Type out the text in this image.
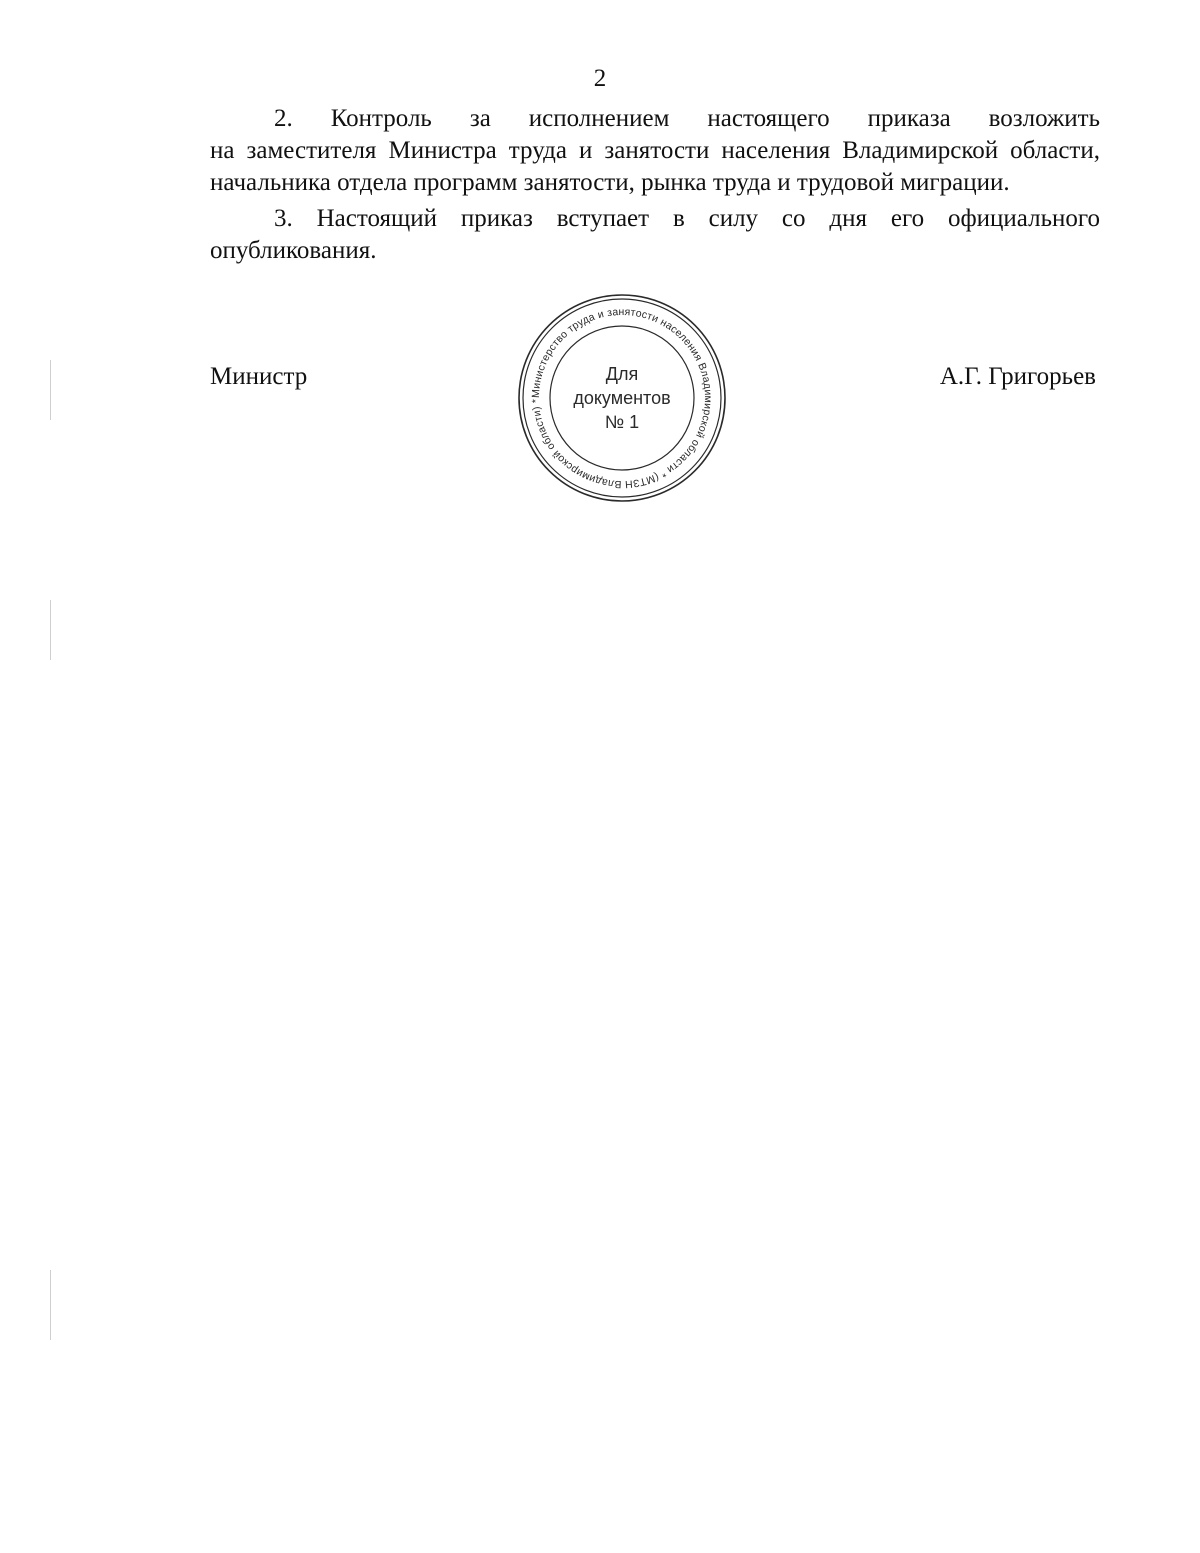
2
2. Контроль за исполнением настоящего приказа возложить
на заместителя Министра труда и занятости населения Владимирской области,
начальника отдела программ занятости, рынка труда и трудовой миграции.
3. Настоящий приказ вступает в силу со дня его официального
опубликования.
Министр	А.Г. Григорьев
Министерство труда и занятости населения Владимирской области * (МТЗН Владимирской области) *
Для
документов
№ 1
